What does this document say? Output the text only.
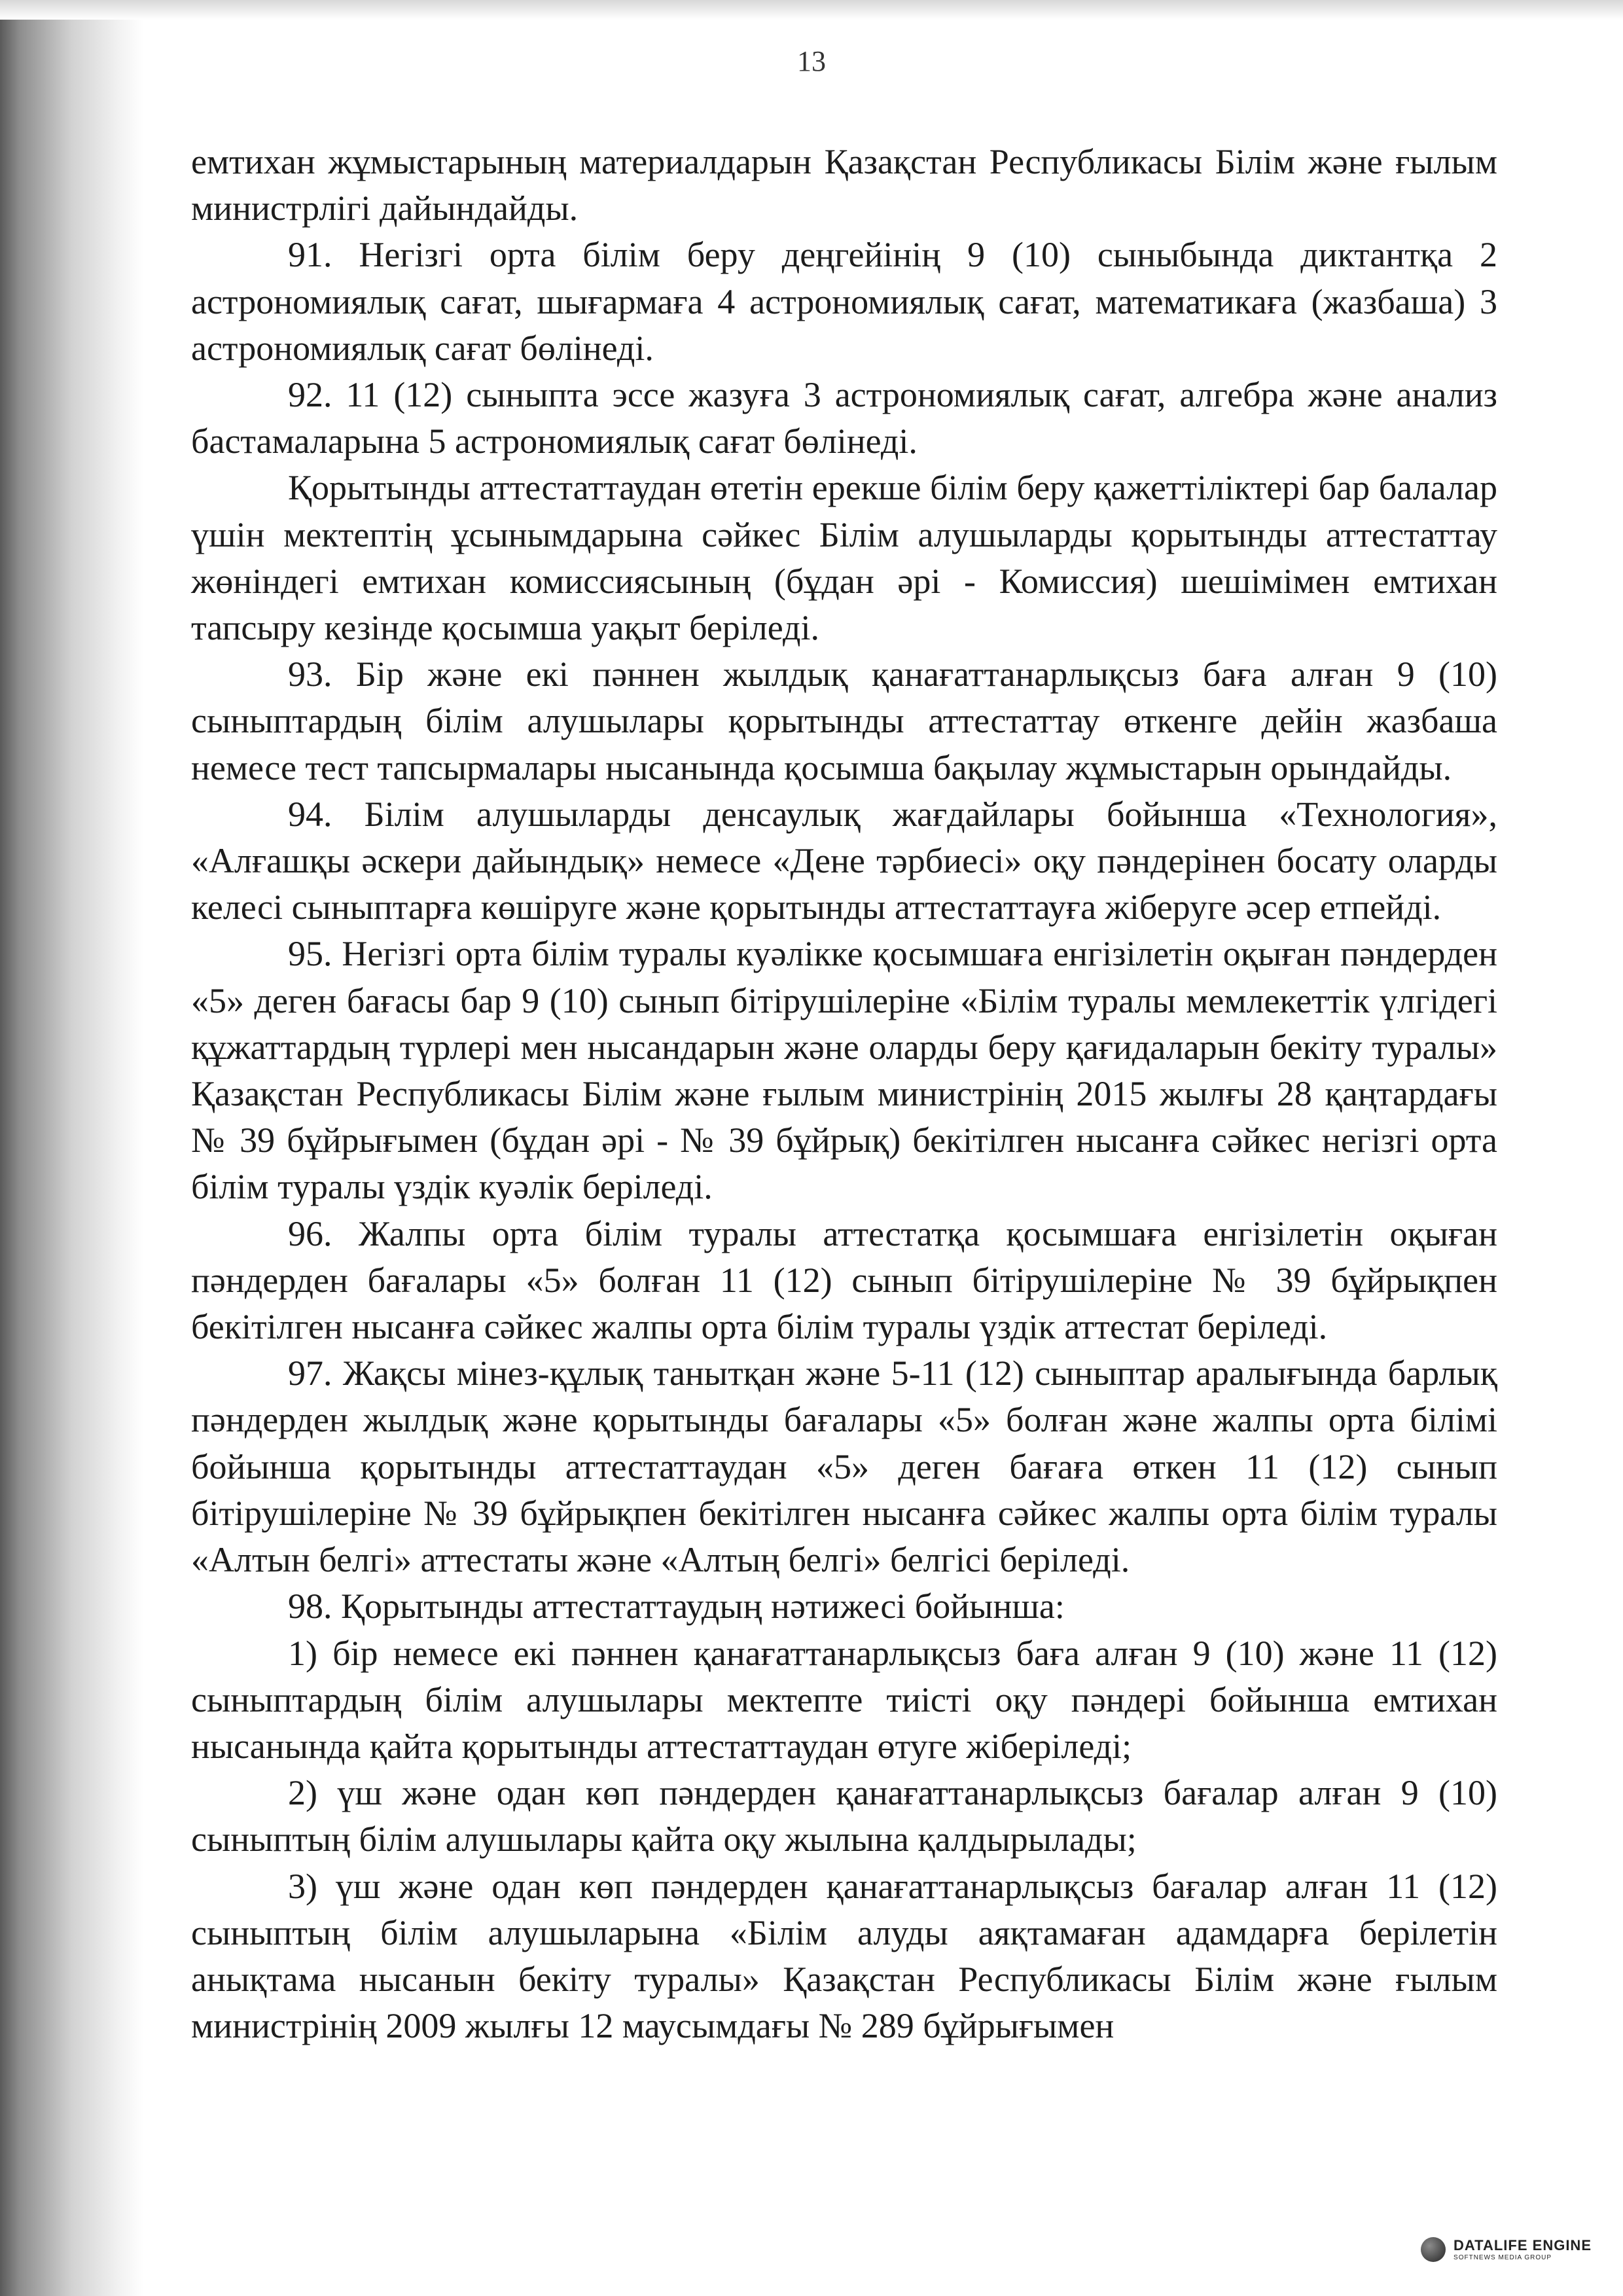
13

емтихан жұмыстарының материалдарын Қазақстан Республикасы Білім және ғылым министрлігі дайындайды.

91. Негізгі орта білім беру деңгейінің 9 (10) сыныбында диктантқа 2 астрономиялық сағат, шығармаға 4 астрономиялық сағат, математикаға (жазбаша) 3 астрономиялық сағат бөлінеді.

92. 11 (12) сыныпта эссе жазуға 3 астрономиялық сағат, алгебра және анализ бастамаларына 5 астрономиялық сағат бөлінеді.

Қорытынды аттестаттаудан өтетін ерекше білім беру қажеттіліктері бар балалар үшін мектептің ұсынымдарына сәйкес Білім алушыларды қорытынды аттестаттау жөніндегі емтихан комиссиясының (бұдан әрі - Комиссия) шешімімен емтихан тапсыру кезінде қосымша уақыт беріледі.

93. Бір және екі пәннен жылдық қанағаттанарлықсыз баға алған 9 (10) сыныптардың білім алушылары қорытынды аттестаттау өткенге дейін жазбаша немесе тест тапсырмалары нысанында қосымша бақылау жұмыстарын орындайды.

94. Білім алушыларды денсаулық жағдайлары бойынша «Технология», «Алғашқы әскери дайындық» немесе «Дене тәрбиесі» оқу пәндерінен босату оларды келесі сыныптарға көшіруге және қорытынды аттестаттауға жіберуге әсер етпейді.

95. Негізгі орта білім туралы куәлікке қосымшаға енгізілетін оқыған пәндерден «5» деген бағасы бар 9 (10) сынып бітірушілеріне «Білім туралы мемлекеттік үлгідегі құжаттардың түрлері мен нысандарын және оларды беру қағидаларын бекіту туралы» Қазақстан Республикасы Білім және ғылым министрінің 2015 жылғы 28 қаңтардағы № 39 бұйрығымен (бұдан әрі - № 39 бұйрық) бекітілген нысанға сәйкес негізгі орта білім туралы үздік куәлік беріледі.

96. Жалпы орта білім туралы аттестатқа қосымшаға енгізілетін оқыған пәндерден бағалары «5» болған 11 (12) сынып бітірушілеріне № 39 бұйрықпен бекітілген нысанға сәйкес жалпы орта білім туралы үздік аттестат беріледі.

97. Жақсы мінез-құлық танытқан және 5-11 (12) сыныптар аралығында барлық пәндерден жылдық және қорытынды бағалары «5» болған және жалпы орта білімі бойынша қорытынды аттестаттаудан «5» деген бағаға өткен 11 (12) сынып бітірушілеріне № 39 бұйрықпен бекітілген нысанға сәйкес жалпы орта білім туралы «Алтын белгі» аттестаты және «Алтың белгі» белгісі беріледі.

98. Қорытынды аттестаттаудың нәтижесі бойынша:

1) бір немесе екі пәннен қанағаттанарлықсыз баға алған 9 (10) және 11 (12) сыныптардың білім алушылары мектепте тиісті оқу пәндері бойынша емтихан нысанында қайта қорытынды аттестаттаудан өтуге жіберіледі;

2) үш және одан көп пәндерден қанағаттанарлықсыз бағалар алған 9 (10) сыныптың білім алушылары қайта оқу жылына қалдырылады;

3) үш және одан көп пәндерден қанағаттанарлықсыз бағалар алған 11 (12) сыныптың білім алушыларына «Білім алуды аяқтамаған адамдарға берілетін анықтама нысанын бекіту туралы» Қазақстан Республикасы Білім және ғылым министрінің 2009 жылғы 12 маусымдағы № 289 бұйрығымен

DATALIFE ENGINE
SOFTNEWS MEDIA GROUP
